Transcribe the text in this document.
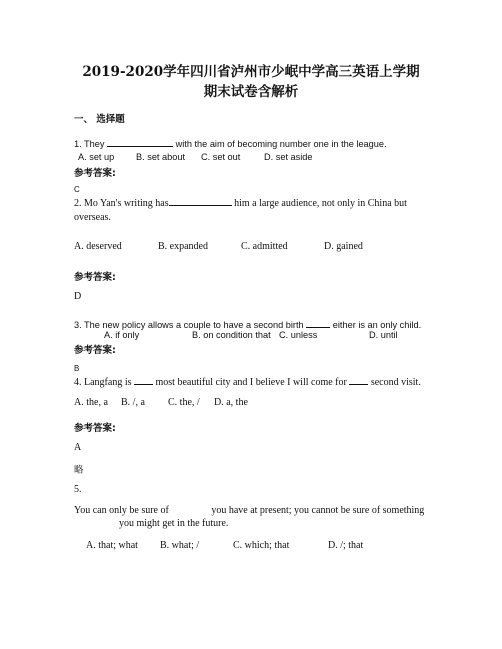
2019-2020学年四川省泸州市少岷中学高三英语上学期
期末试卷含解析
一、 选择题
1. They	with the aim of becoming number one in the league.
A. set up B. set about C. set out	D. set aside
参考答案:
C
2. Mo Yan's writing has	him a large audience, not only in China but
overseas.
A. deserved	B. expanded	C. admitted	D. gained
参考答案:
D
3. The new policy allows a couple to have a second birth	either is an only child.
A. if only	B. on condition that C. unless	D. until
参考答案:
B
4. Langfang is most beautiful city and I believe I will come for second visit.
A. the, a B. /, a C. the, / D. a, the
参考答案:
A
略
5.
You can only be sure of	you have at present; you cannot be sure of something
you might get in the future.
A. that; what B. what; /	C. which; that	D. /; that
